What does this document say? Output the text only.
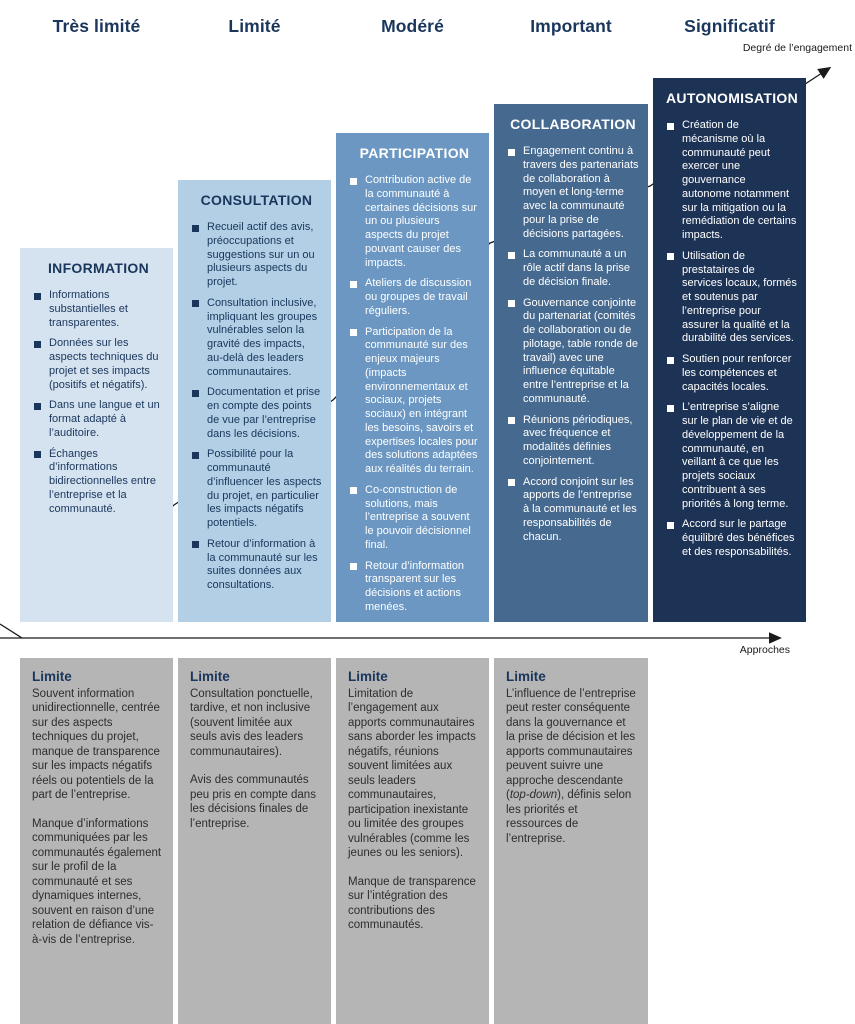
Très limité	Limité	Modéré	Important	Significatif
Degré de l’engagement
Approches
INFORMATION
Informations substantielles et transparentes.
Données sur les aspects techniques du projet et ses impacts (positifs et négatifs).
Dans une langue et un format adapté à l’auditoire.
Échanges d’informations bidirectionnelles entre l’entreprise et la communauté.
CONSULTATION
Recueil actif des avis, préoccupations et suggestions sur un ou plusieurs aspects du projet.
Consultation inclusive, impliquant les groupes vulnérables selon la gravité des impacts, au-delà des leaders communautaires.
Documentation et prise en compte des points de vue par l’entreprise dans les décisions.
Possibilité pour la communauté d’influencer les aspects du projet, en particulier les impacts négatifs potentiels.
Retour d’information à la communauté sur les suites données aux consultations.
PARTICIPATION
Contribution active de la communauté à certaines décisions sur un ou plusieurs aspects du projet pouvant causer des impacts.
Ateliers de discussion ou groupes de travail réguliers.
Participation de la communauté sur des enjeux majeurs (impacts environnementaux et sociaux, projets sociaux) en intégrant les besoins, savoirs et expertises locales pour des solutions adaptées aux réalités du terrain.
Co-construction de solutions, mais l’entreprise a souvent le pouvoir décisionnel final.
Retour d’information transparent sur les décisions et actions menées.
COLLABORATION
Engagement continu à travers des partenariats de collaboration à moyen et long-terme avec la communauté pour la prise de décisions partagées.
La communauté a un rôle actif dans la prise de décision finale.
Gouvernance conjointe du partenariat (comités de collaboration ou de pilotage, table ronde de travail) avec une influence équitable entre l’entreprise et la communauté.
Réunions périodiques, avec fréquence et modalités définies conjointement.
Accord conjoint sur les apports de l’entreprise à la communauté et les responsabilités de chacun.
AUTONOMISATION
Création de mécanisme où la communauté peut exercer une gouvernance autonome notamment sur la mitigation ou la remédiation de certains impacts.
Utilisation de prestataires de services locaux, formés et soutenus par l’entreprise pour assurer la qualité et la durabilité des services.
Soutien pour renforcer les compétences et capacités locales.
L’entreprise s’aligne sur le plan de vie et de développement de la communauté, en veillant à ce que les projets sociaux contribuent à ses priorités à long terme.
Accord sur le partage équilibré des bénéfices et des responsabilités.
Limite

Souvent information unidirectionnelle, centrée sur des aspects techniques du projet, manque de transparence sur les impacts négatifs réels ou potentiels de la part de l’entreprise.

Manque d’informations communiquées par les communautés également sur le profil de la communauté et ses dynamiques internes, souvent en raison d’une relation de défiance vis-à-vis de l’entreprise.

Limite

Consultation ponctuelle, tardive, et non inclusive (souvent limitée aux seuls avis des leaders communautaires).

Avis des communautés peu pris en compte dans les décisions finales de l’entreprise.

Limite

Limitation de l’engagement aux apports communautaires sans aborder les impacts négatifs, réunions souvent limitées aux seuls leaders communautaires, participation inexistante ou limitée des groupes vulnérables (comme les jeunes ou les seniors).

Manque de transparence sur l’intégration des contributions des communautés.

Limite

L’influence de l’entreprise peut rester conséquente dans la gouvernance et la prise de décision et les apports communautaires peuvent suivre une approche descendante (top-down), définis selon les priorités et ressources de l’entreprise.
